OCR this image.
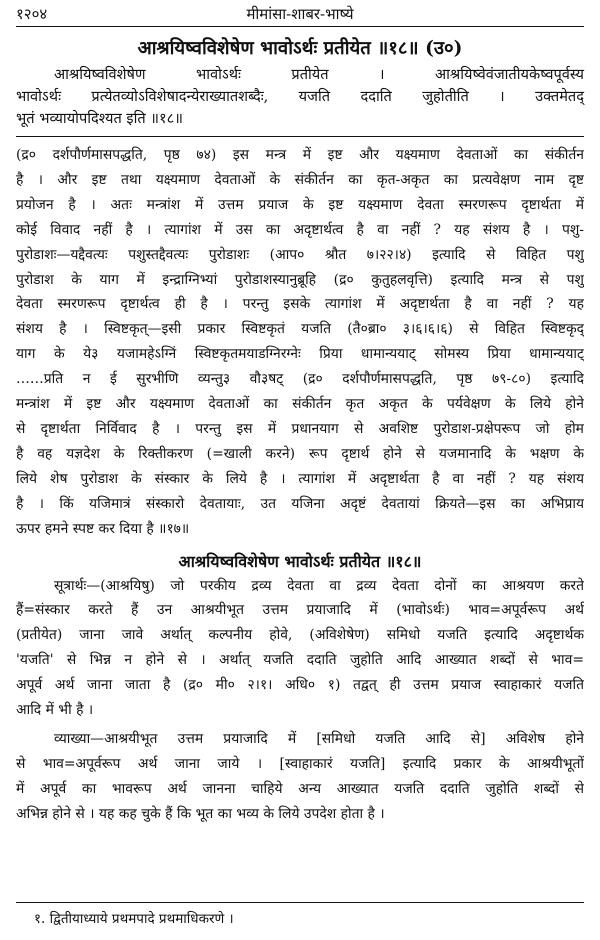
१२०४	मीमांसा-शाबर-भाष्ये
आश्रयिष्वविशेषेण भावोऽर्थः प्रतीयेत ॥१८॥ (उ०)
आश्रयिष्वविशेषेण भावोऽर्थः प्रतीयेत । आश्रयिष्वेवंजातीयकेष्वपूर्वस्य
भावोऽर्थः प्रत्येतव्योऽविशेषादन्येराख्यातशब्दैः, यजति ददाति जुहोतीति । उक्तमेतद्
भूतं भव्यायोपदिश्यत इति ॥१८॥
(द्र० दर्शपौर्णमासपद्धति, पृष्ठ ७४) इस मन्त्र में इष्ट और यक्ष्यमाण देवताओं का संकीर्तन
है । और इष्ट तथा यक्ष्यमाण देवताओं के संकीर्तन का कृत-अकृत का प्रत्यवेक्षण नाम दृष्ट
प्रयोजन है । अतः मन्त्रांश में उत्तम प्रयाज के इष्ट यक्ष्यमाण देवता स्मरणरूप दृष्टार्थता में
कोई विवाद नहीं है । त्यागांश में उस का अदृष्टार्थत्व है वा नहीं ? यह संशय है । पशु-
पुरोडाशः—यद्दैवत्यः पशुस्तद्दैवत्यः पुरोडाशः (आप० श्रौत ७।२२।४) इत्यादि से विहित पशु
पुरोडाश के याग में इन्द्राग्निभ्यां पुरोडाशस्यानुब्रूहि (द्र० कुतुहलवृत्ति) इत्यादि मन्त्र से पशु
देवता स्मरणरूप दृष्टार्थत्व ही है । परन्तु इसके त्यागांश में अदृष्टार्थता है वा नहीं ? यह
संशय है । स्विष्टकृत्—इसी प्रकार स्विष्टकृतं यजति (तै०ब्रा० ३।६।६।६) से विहित स्विष्टकृद्
याग के ये३ यजामहेऽग्निं स्विष्टकृतमयाडग्निरग्नेः प्रिया धामान्ययाट् सोमस्य प्रिया धामान्ययाट्
……प्रति न ई सुरभीणि व्यन्तु३ वौ३षट् (द्र० दर्शपौर्णमासपद्धति, पृष्ठ ७९-८०) इत्यादि
मन्त्रांश में इष्ट और यक्ष्यमाण देवताओं का संकीर्तन कृत अकृत के पर्यवेक्षण के लिये होने
से दृष्टार्थता निर्विवाद है । परन्तु इस में प्रधानयाग से अवशिष्ट पुरोडाश-प्रक्षेपरूप जो होम
है वह यज्ञदेश के रिक्तीकरण (=खाली करने) रूप दृष्टार्थ होने से यजमानादि के भक्षण के
लिये शेष पुरोडाश के संस्कार के लिये है । त्यागांश में अदृष्टार्थता है वा नहीं ? यह संशय
है । किं यजिमात्रं संस्कारो देवतायाः, उत यजिना अदृष्टं देवतायां क्रियते—इस का अभिप्राय
ऊपर हमने स्पष्ट कर दिया है ॥१७॥
आश्रयिष्वविशेषेण भावोऽर्थः प्रतीयेत ॥१८॥
सूत्रार्थः—(आश्रयिषु) जो परकीय द्रव्य देवता वा द्रव्य देवता दोनों का आश्रयण करते
हैं=संस्कार करते हैं उन आश्रयीभूत उत्तम प्रयाजादि में (भावोऽर्थः) भाव=अपूर्वरूप अर्थ
(प्रतीयेत) जाना जावे अर्थात् कल्पनीय होवे, (अविशेषेण) समिधो यजति इत्यादि अदृष्टार्थक
'यजति' से भिन्न न होने से । अर्थात् यजति ददाति जुहोति आदि आख्यात शब्दों से भाव=
अपूर्व अर्थ जाना जाता है (द्र० मी० २।१। अधि० १) तद्वत् ही उत्तम प्रयाज स्वाहाकारं यजति
आदि में भी है ।
व्याख्या—आश्रयीभूत उत्तम प्रयाजादि में [समिधो यजति आदि से] अविशेष होने
से भाव=अपूर्वरूप अर्थ जाना जाये । [स्वाहाकारं यजति] इत्यादि प्रकार के आश्रयीभूतों
में अपूर्व का भावरूप अर्थ जानना चाहिये अन्य आख्यात यजति ददाति जुहोति शब्दों से
अभिन्न होने से । यह कह चुके हैं कि भूत का भव्य के लिये उपदेश होता है ।
१. द्वितीयाध्याये प्रथमपादे प्रथमाधिकरणे ।
